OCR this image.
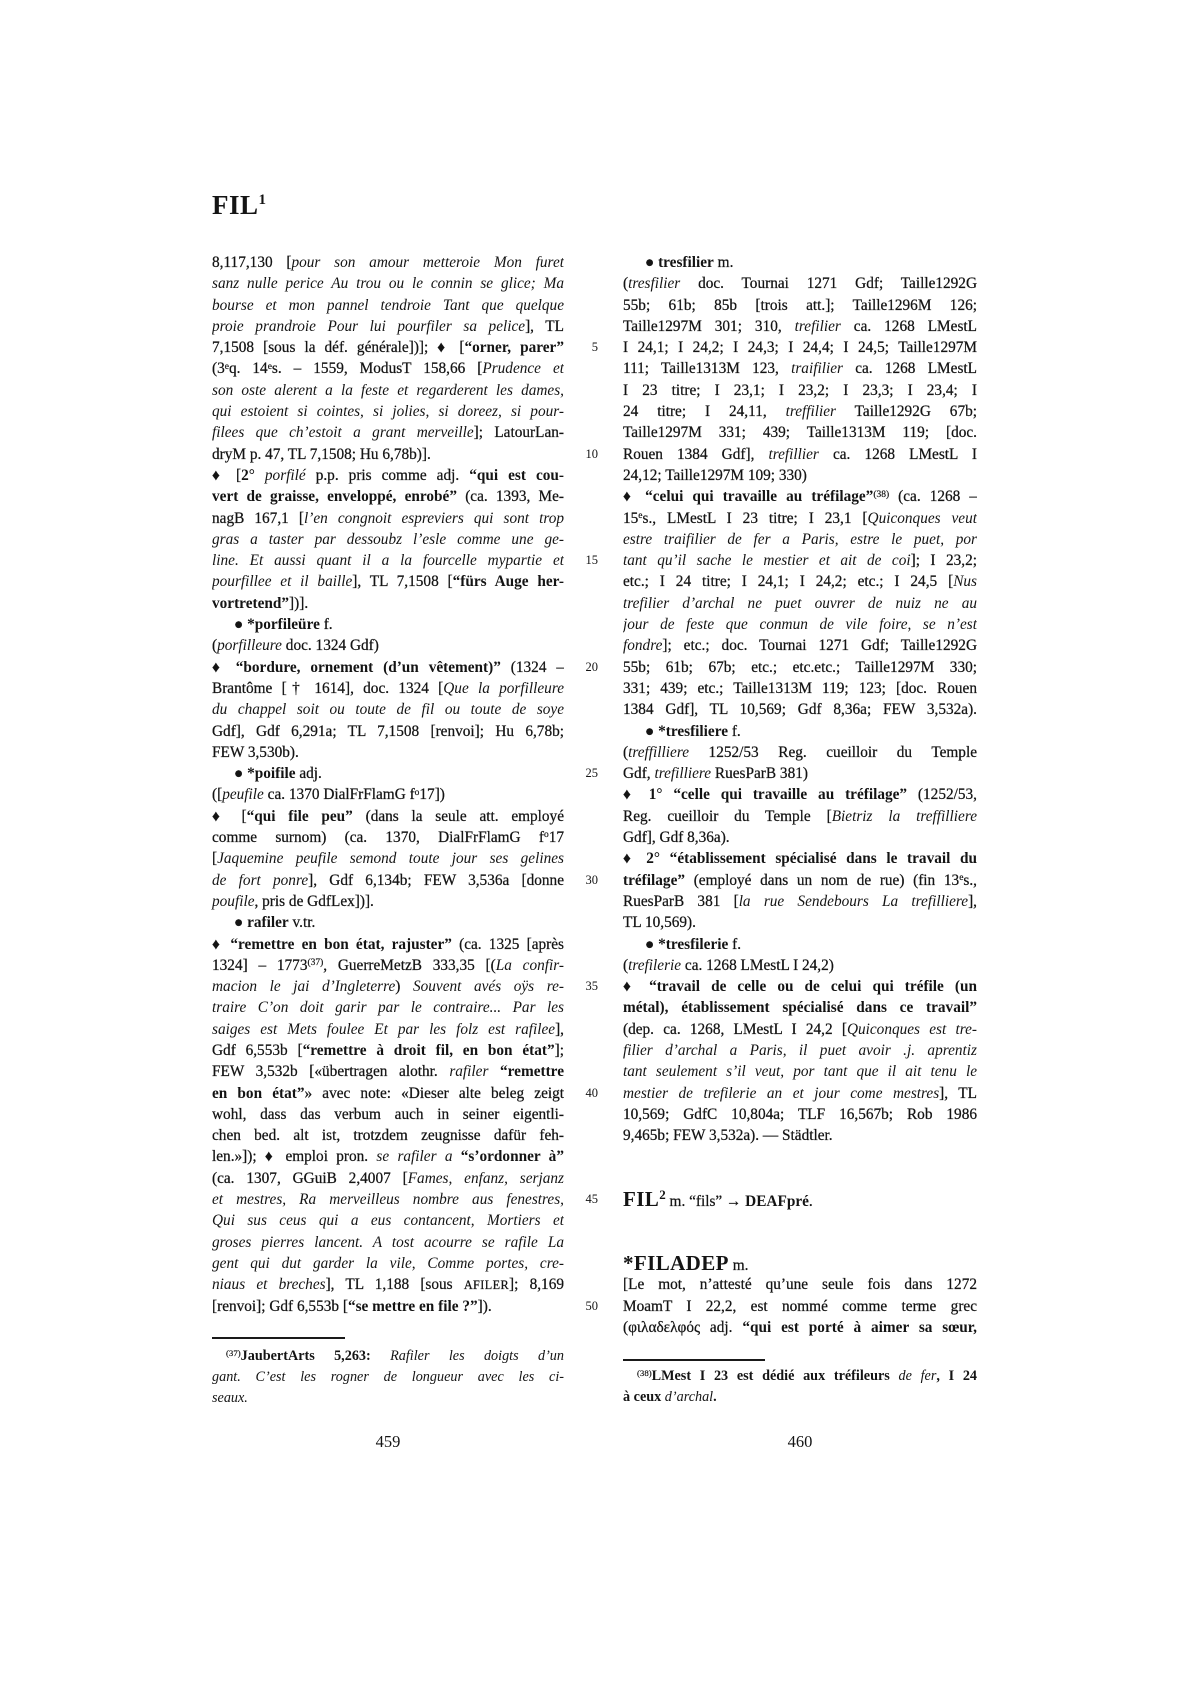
FIL1
8,117,130 [pour son amour metteroie Mon furet
sanz nulle perice Au trou ou le connin se glice; Ma
bourse et mon pannel tendroie Tant que quelque
proie prandroie Pour lui pourfiler sa pelice], TL
7,1508 [sous la déf. générale])]; ♦ [“orner, parer”
(3eq. 14es. – 1559, ModusT 158,66 [Prudence et
son oste alerent a la feste et regarderent les dames,
qui estoient si cointes, si jolies, si doreez, si pour-
filees que ch’estoit a grant merveille]; LatourLan-
dryM p. 47, TL 7,1508; Hu 6,78b)].
♦ [2° porfilé p.p. pris comme adj. “qui est cou-
vert de graisse, enveloppé, enrobé” (ca. 1393, Me-
nagB 167,1 [l’en congnoit espreviers qui sont trop
gras a taster par dessoubz l’esle comme une ge-
line. Et aussi quant il a la fourcelle mypartie et
pourfillee et il baille], TL 7,1508 [“fürs Auge her-
vortretend”])].
● *porfileüre f.
(porfilleure doc. 1324 Gdf)
♦ “bordure, ornement (d’un vêtement)” (1324 –
Brantôme [† 1614], doc. 1324 [Que la porfilleure
du chappel soit ou toute de fil ou toute de soye
Gdf], Gdf 6,291a; TL 7,1508 [renvoi]; Hu 6,78b;
FEW 3,530b).
● *poifile adj.
([peufile ca. 1370 DialFrFlamG $f^o17$])
♦ [“qui file peu” (dans la seule att. employé
comme surnom) (ca. 1370, DialFrFlamG $f^o17$
[Jaquemine peufile semond toute jour ses gelines
de fort ponre], Gdf 6,134b; FEW 3,536a [donne
poufile, pris de GdfLex])].
● rafiler v.tr.
♦ “remettre en bon état, rajuster” (ca. 1325 [après
1324] – 1773$^{(37)}$, GuerreMetzB 333,35 [(La confir-
macion le jai d’Ingleterre) Souvent avés oÿs re-
traire C’on doit garir par le contraire... Par les
saiges est Mets foulee Et par les folz est rafilee],
Gdf 6,553b [“remettre à droit fil, en bon état”];
FEW 3,532b [«übertragen alothr. rafiler “remettre
en bon état”» avec note: «Dieser alte beleg zeigt
wohl, dass das verbum auch in seiner eigentli-
chen bed. alt ist, trotzdem zeugnisse dafür feh-
len.»]); ♦ emploi pron. se rafiler a “s’ordonner à”
(ca. 1307, GGuiB 2,4007 [Fames, enfanz, serjanz
et mestres, Ra merveilleus nombre aus fenestres,
Qui sus ceus qui a eus contancent, Mortiers et
groses pierres lancent. A tost acourre se rafile La
gent qui dut garder la vile, Comme portes, cre-
niaus et breches], TL 1,188 [sous AFILER]; 8,169
[renvoi]; Gdf 6,553b [“se mettre en file ?”]).
5
10
15
20
25
30
35
40
45
50
● tresfilier m.
(tresfilier doc. Tournai 1271 Gdf; Taille1292G
55b; 61b; 85b [trois att.]; Taille1296M 126;
Taille1297M 301; 310, trefilier ca. 1268 LMestL
I 24,1; I 24,2; I 24,3; I 24,4; I 24,5; Taille1297M
111; Taille1313M 123, traifilier ca. 1268 LMestL
I 23 titre; I 23,1; I 23,2; I 23,3; I 23,4; I
24 titre; I 24,11, treffilier Taille1292G 67b;
Taille1297M 331; 439; Taille1313M 119; [doc.
Rouen 1384 Gdf], trefillier ca. 1268 LMestL I
24,12; Taille1297M 109; 330)
♦ “celui qui travaille au tréfilage”$^{(38)}$ (ca. 1268 –
15es., LMestL I 23 titre; I 23,1 [Quiconques veut
estre traifilier de fer a Paris, estre le puet, por
tant qu’il sache le mestier et ait de coi]; I 23,2;
etc.; I 24 titre; I 24,1; I 24,2; etc.; I 24,5 [Nus
trefilier d’archal ne puet ouvrer de nuiz ne au
jour de feste que conmun de vile foire, se n’est
fondre]; etc.; doc. Tournai 1271 Gdf; Taille1292G
55b; 61b; 67b; etc.; etc.etc.; Taille1297M 330;
331; 439; etc.; Taille1313M 119; 123; [doc. Rouen
1384 Gdf], TL 10,569; Gdf 8,36a; FEW 3,532a).
● *tresfiliere f.
(treffilliere 1252/53 Reg. cueilloir du Temple
Gdf, trefilliere RuesParB 381)
♦ 1° “celle qui travaille au tréfilage” (1252/53,
Reg. cueilloir du Temple [Bietriz la treffilliere
Gdf], Gdf 8,36a).
♦ 2° “établissement spécialisé dans le travail du
tréfilage” (employé dans un nom de rue) (fin 13es.,
RuesParB 381 [la rue Sendebours La trefilliere],
TL 10,569).
● *tresfilerie f.
(trefilerie ca. 1268 LMestL I 24,2)
♦ “travail de celle ou de celui qui tréfile (un
métal), établissement spécialisé dans ce travail”
(dep. ca. 1268, LMestL I 24,2 [Quiconques est tre-
filier d’archal a Paris, il puet avoir .j. aprentiz
tant seulement s’il veut, por tant que il ait tenu le
mestier de trefilerie an et jour come mestres], TL
10,569; GdfC 10,804a; TLF 16,567b; Rob 1986
9,465b; FEW 3,532a). — Städtler.
FIL$^2$ m. “fils” → DEAFpré.
*FILADEP m.
[Le mot, n’attesté qu’une seule fois dans 1272
MoamT I 22,2, est nommé comme terme grec
(φιλαδελφός adj. “qui est porté à aimer sa sœur,
$^{(37)}$JaubertArts 5,263: Rafiler les doigts d’un
gant. C’est les rogner de longueur avec les ci-
seaux.
$^{(38)}$LMest I 23 est dédié aux tréfileurs de fer, I 24
à ceux d’archal.
459	460
